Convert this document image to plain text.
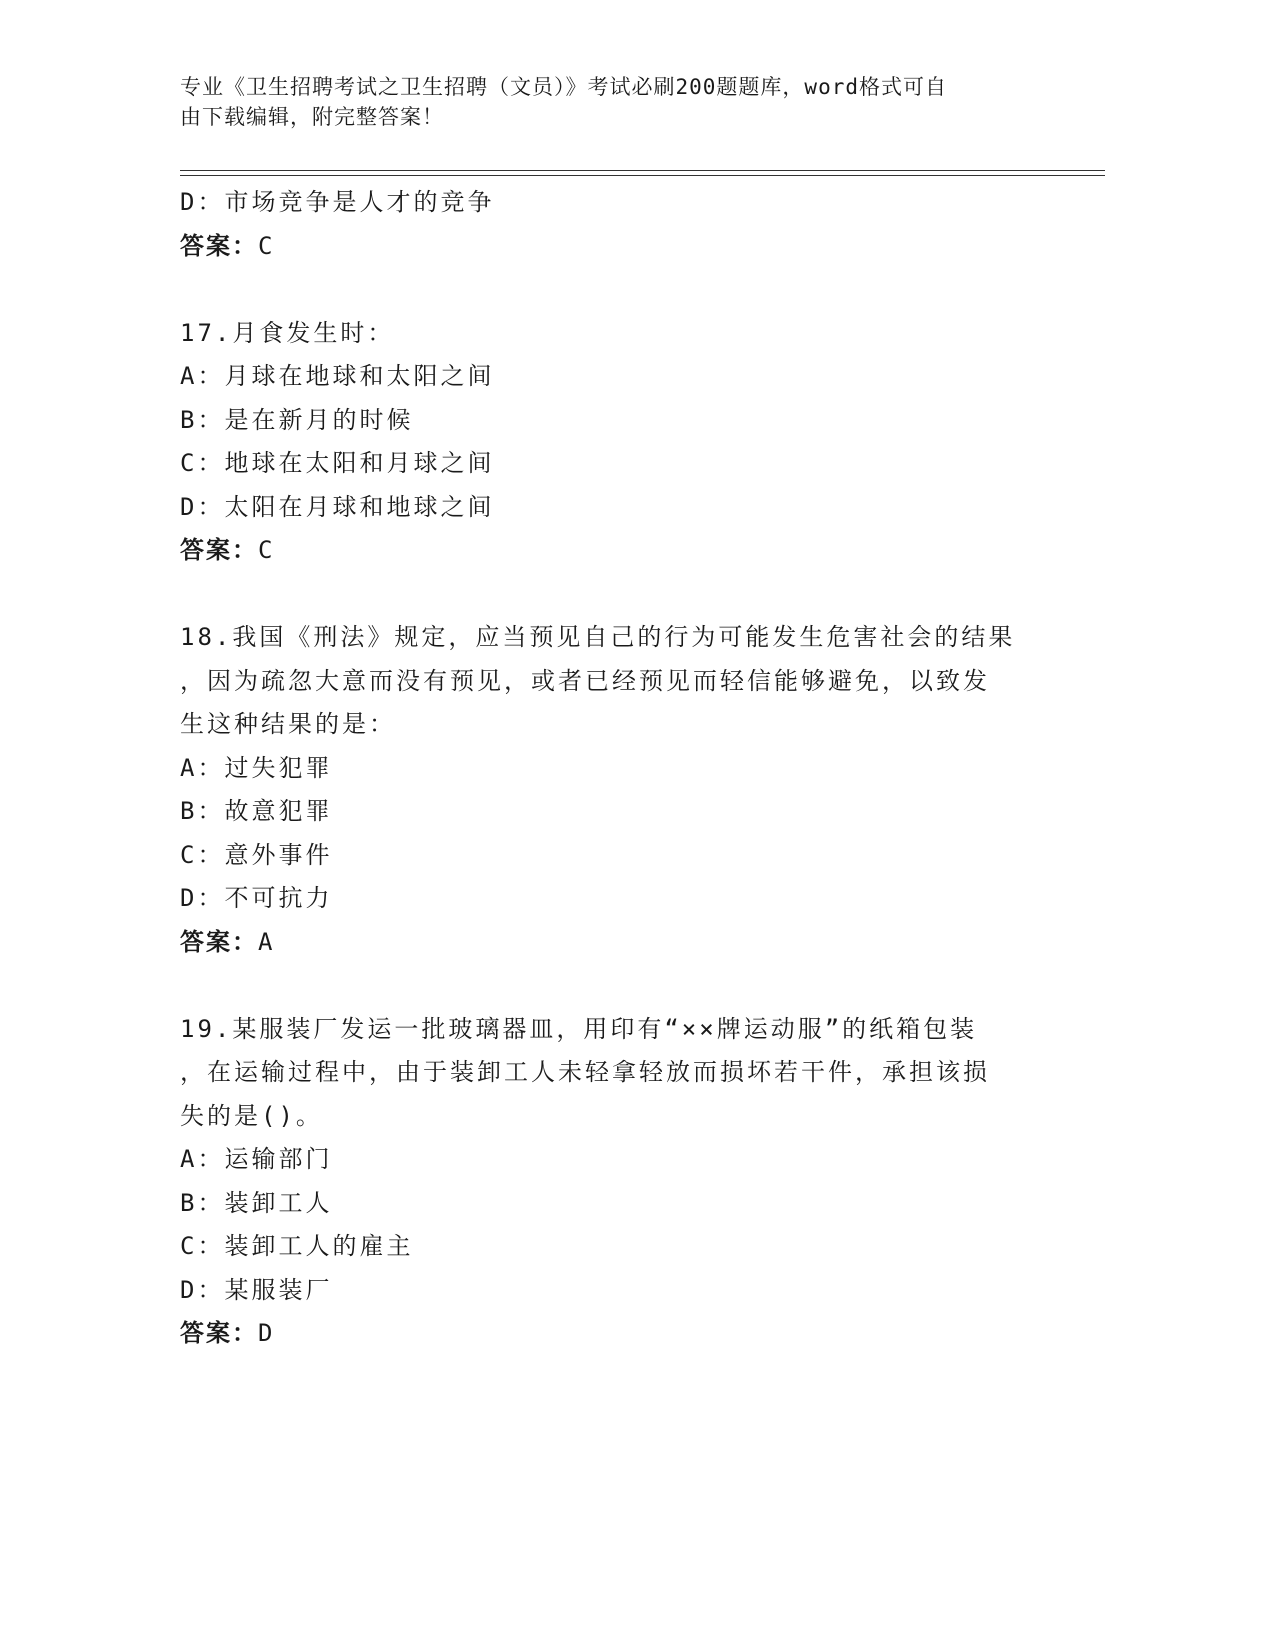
专业《卫生招聘考试之卫生招聘（文员）》考试必刷200题题库，word格式可自
由下载编辑，附完整答案！
D：市场竞争是人才的竞争
答案：C
17.月食发生时：
A：月球在地球和太阳之间
B：是在新月的时候
C：地球在太阳和月球之间
D：太阳在月球和地球之间
答案：C
18.我国《刑法》规定，应当预见自己的行为可能发生危害社会的结果
，因为疏忽大意而没有预见，或者已经预见而轻信能够避免，以致发
生这种结果的是：
A：过失犯罪
B：故意犯罪
C：意外事件
D：不可抗力
答案：A
19.某服装厂发运一批玻璃器皿，用印有“××牌运动服”的纸箱包装
，在运输过程中，由于装卸工人未轻拿轻放而损坏若干件，承担该损
失的是()。
A：运输部门
B：装卸工人
C：装卸工人的雇主
D：某服装厂
答案：D
